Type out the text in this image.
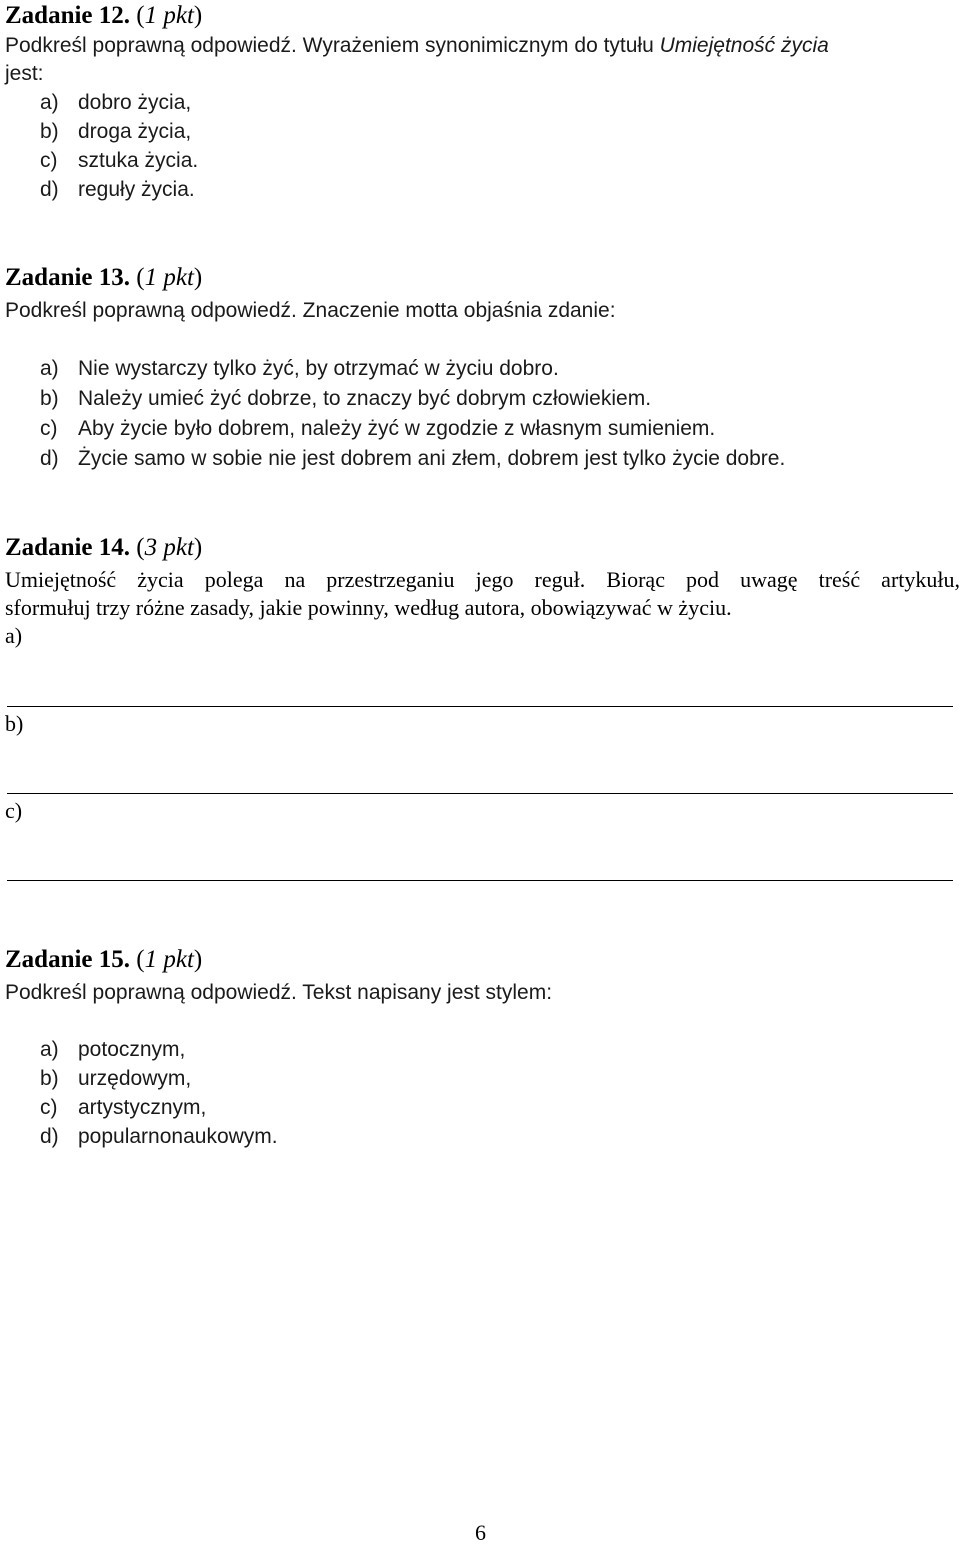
Zadanie 12. (1 pkt)
Podkreśl poprawną odpowiedź. Wyrażeniem synonimicznym do tytułu Umiejętność życia
jest:
a) dobro życia,
b) droga życia,
c) sztuka życia.
d) reguły życia.
Zadanie 13. (1 pkt)
Podkreśl poprawną odpowiedź. Znaczenie motta objaśnia zdanie:
a) Nie wystarczy tylko żyć, by otrzymać w życiu dobro.
b) Należy umieć żyć dobrze, to znaczy być dobrym człowiekiem.
c) Aby życie było dobrem, należy żyć w zgodzie z własnym sumieniem.
d) Życie samo w sobie nie jest dobrem ani złem, dobrem jest tylko życie dobre.
Zadanie 14. (3 pkt)
Umiejętność życia polega na przestrzeganiu jego reguł. Biorąc pod uwagę treść artykułu,
sformułuj trzy różne zasady, jakie powinny, według autora, obowiązywać w życiu.
a)
b)
c)
Zadanie 15. (1 pkt)
Podkreśl poprawną odpowiedź. Tekst napisany jest stylem:
a) potocznym,
b) urzędowym,
c) artystycznym,
d) popularnonaukowym.
6
